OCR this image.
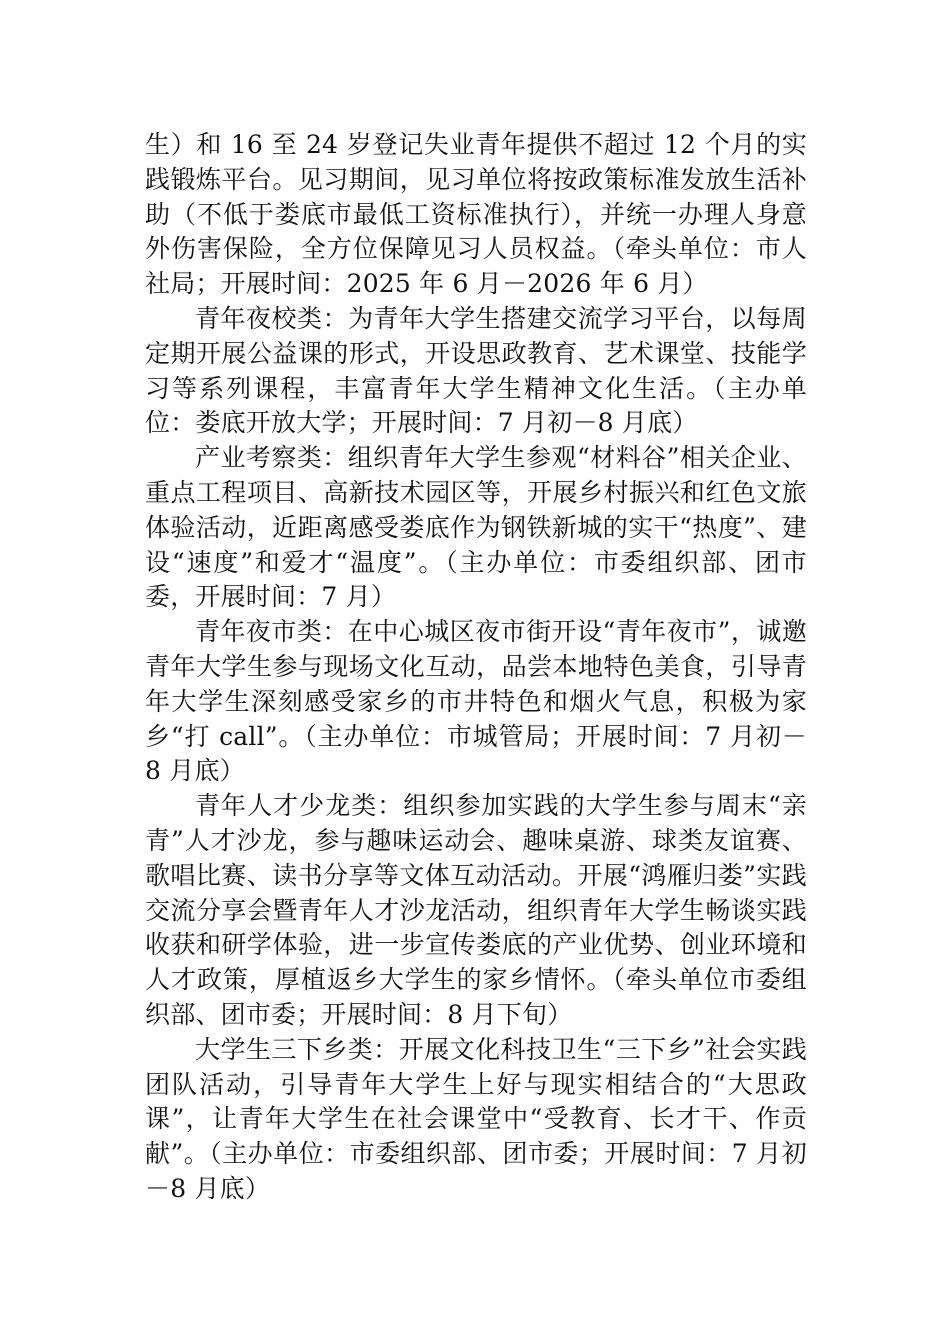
生）和 16 至 24 岁登记失业青年提供不超过 12 个月的实践锻炼平台。见习期间，见习单位将按政策标准发放生活补助（不低于娄底市最低工资标准执行），并统一办理人身意外伤害保险，全方位保障见习人员权益。（牵头单位：市人社局；开展时间：2025 年 6 月－2026 年 6 月）

青年夜校类：为青年大学生搭建交流学习平台，以每周定期开展公益课的形式，开设思政教育、艺术课堂、技能学习等系列课程，丰富青年大学生精神文化生活。（主办单位：娄底开放大学；开展时间：7 月初－8 月底）

产业考察类：组织青年大学生参观“材料谷”相关企业、重点工程项目、高新技术园区等，开展乡村振兴和红色文旅体验活动，近距离感受娄底作为钢铁新城的实干“热度”、建设“速度”和爱才“温度”。（主办单位：市委组织部、团市委，开展时间：7 月）

青年夜市类：在中心城区夜市街开设“青年夜市”，诚邀青年大学生参与现场文化互动，品尝本地特色美食，引导青年大学生深刻感受家乡的市井特色和烟火气息，积极为家乡“打 call”。（主办单位：市城管局；开展时间：7 月初－8 月底）

青年人才少龙类：组织参加实践的大学生参与周末“亲青”人才沙龙，参与趣味运动会、趣味桌游、球类友谊赛、歌唱比赛、读书分享等文体互动活动。开展“鸿雁归娄”实践交流分享会暨青年人才沙龙活动，组织青年大学生畅谈实践收获和研学体验，进一步宣传娄底的产业优势、创业环境和人才政策，厚植返乡大学生的家乡情怀。（牵头单位市委组织部、团市委；开展时间：8 月下旬）

大学生三下乡类：开展文化科技卫生“三下乡”社会实践团队活动，引导青年大学生上好与现实相结合的“大思政课”，让青年大学生在社会课堂中“受教育、长才干、作贡献”。（主办单位：市委组织部、团市委；开展时间：7 月初－8 月底）
